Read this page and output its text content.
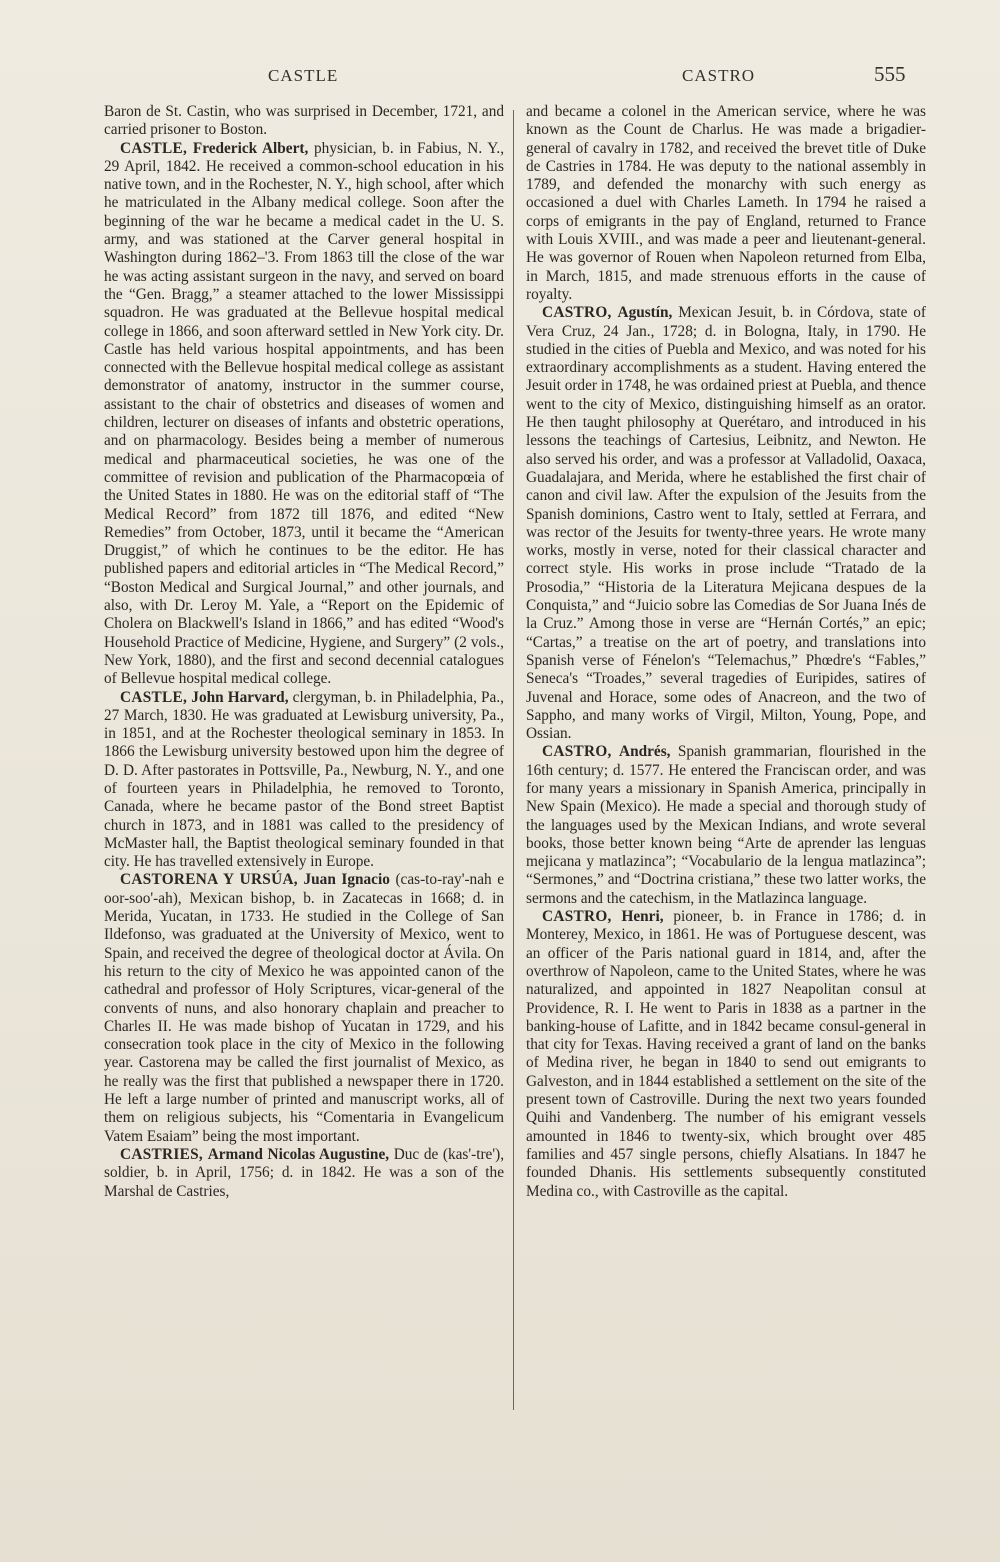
CASTLE	CASTRO	555

Baron de St. Castin, who was surprised in December, 1721, and carried prisoner to Boston.

CASTLE, Frederick Albert, physician, b. in Fabius, N. Y., 29 April, 1842. He received a common-school education in his native town, and in the Rochester, N. Y., high school, after which he matriculated in the Albany medical college. Soon after the beginning of the war he became a medical cadet in the U. S. army, and was stationed at the Carver general hospital in Washington during 1862–'3. From 1863 till the close of the war he was acting assistant surgeon in the navy, and served on board the “Gen. Bragg,” a steamer attached to the lower Mississippi squadron. He was graduated at the Bellevue hospital medical college in 1866, and soon afterward settled in New York city. Dr. Castle has held various hospital appointments, and has been connected with the Bellevue hospital medical college as assistant demonstrator of anatomy, instructor in the summer course, assistant to the chair of obstetrics and diseases of women and children, lecturer on diseases of infants and obstetric operations, and on pharmacology. Besides being a member of numerous medical and pharmaceutical societies, he was one of the committee of revision and publication of the Pharmacopœia of the United States in 1880. He was on the editorial staff of “The Medical Record” from 1872 till 1876, and edited “New Remedies” from October, 1873, until it became the “American Druggist,” of which he continues to be the editor. He has published papers and editorial articles in “The Medical Record,” “Boston Medical and Surgical Journal,” and other journals, and also, with Dr. Leroy M. Yale, a “Report on the Epidemic of Cholera on Blackwell's Island in 1866,” and has edited “Wood's Household Practice of Medicine, Hygiene, and Surgery” (2 vols., New York, 1880), and the first and second decennial catalogues of Bellevue hospital medical college.

CASTLE, John Harvard, clergyman, b. in Philadelphia, Pa., 27 March, 1830. He was graduated at Lewisburg university, Pa., in 1851, and at the Rochester theological seminary in 1853. In 1866 the Lewisburg university bestowed upon him the degree of D. D. After pastorates in Pottsville, Pa., Newburg, N. Y., and one of fourteen years in Philadelphia, he removed to Toronto, Canada, where he became pastor of the Bond street Baptist church in 1873, and in 1881 was called to the presidency of McMaster hall, the Baptist theological seminary founded in that city. He has travelled extensively in Europe.

CASTORENA Y URSÚA, Juan Ignacio (cas-to-ray'-nah e oor-soo'-ah), Mexican bishop, b. in Zacatecas in 1668; d. in Merida, Yucatan, in 1733. He studied in the College of San Ildefonso, was graduated at the University of Mexico, went to Spain, and received the degree of theological doctor at Ávila. On his return to the city of Mexico he was appointed canon of the cathedral and professor of Holy Scriptures, vicar-general of the convents of nuns, and also honorary chaplain and preacher to Charles II. He was made bishop of Yucatan in 1729, and his consecration took place in the city of Mexico in the following year. Castorena may be called the first journalist of Mexico, as he really was the first that published a newspaper there in 1720. He left a large number of printed and manuscript works, all of them on religious subjects, his “Comentaria in Evangelicum Vatem Esaiam” being the most important.

CASTRIES, Armand Nicolas Augustine, Duc de (kas'-tre'), soldier, b. in April, 1756; d. in 1842. He was a son of the Marshal de Castries,

and became a colonel in the American service, where he was known as the Count de Charlus. He was made a brigadier-general of cavalry in 1782, and received the brevet title of Duke de Castries in 1784. He was deputy to the national assembly in 1789, and defended the monarchy with such energy as occasioned a duel with Charles Lameth. In 1794 he raised a corps of emigrants in the pay of England, returned to France with Louis XVIII., and was made a peer and lieutenant-general. He was governor of Rouen when Napoleon returned from Elba, in March, 1815, and made strenuous efforts in the cause of royalty.

CASTRO, Agustín, Mexican Jesuit, b. in Córdova, state of Vera Cruz, 24 Jan., 1728; d. in Bologna, Italy, in 1790. He studied in the cities of Puebla and Mexico, and was noted for his extraordinary accomplishments as a student. Having entered the Jesuit order in 1748, he was ordained priest at Puebla, and thence went to the city of Mexico, distinguishing himself as an orator. He then taught philosophy at Querétaro, and introduced in his lessons the teachings of Cartesius, Leibnitz, and Newton. He also served his order, and was a professor at Valladolid, Oaxaca, Guadalajara, and Merida, where he established the first chair of canon and civil law. After the expulsion of the Jesuits from the Spanish dominions, Castro went to Italy, settled at Ferrara, and was rector of the Jesuits for twenty-three years. He wrote many works, mostly in verse, noted for their classical character and correct style. His works in prose include “Tratado de la Prosodia,” “Historia de la Literatura Mejicana despues de la Conquista,” and “Juicio sobre las Comedias de Sor Juana Inés de la Cruz.” Among those in verse are “Hernán Cortés,” an epic; “Cartas,” a treatise on the art of poetry, and translations into Spanish verse of Fénelon's “Telemachus,” Phœdre's “Fables,” Seneca's “Troades,” several tragedies of Euripides, satires of Juvenal and Horace, some odes of Anacreon, and the two of Sappho, and many works of Virgil, Milton, Young, Pope, and Ossian.

CASTRO, Andrés, Spanish grammarian, flourished in the 16th century; d. 1577. He entered the Franciscan order, and was for many years a missionary in Spanish America, principally in New Spain (Mexico). He made a special and thorough study of the languages used by the Mexican Indians, and wrote several books, those better known being “Arte de aprender las lenguas mejicana y matlazinca”; “Vocabulario de la lengua matlazinca”; “Sermones,” and “Doctrina cristiana,” these two latter works, the sermons and the catechism, in the Matlazinca language.

CASTRO, Henri, pioneer, b. in France in 1786; d. in Monterey, Mexico, in 1861. He was of Portuguese descent, was an officer of the Paris national guard in 1814, and, after the overthrow of Napoleon, came to the United States, where he was naturalized, and appointed in 1827 Neapolitan consul at Providence, R. I. He went to Paris in 1838 as a partner in the banking-house of Lafitte, and in 1842 became consul-general in that city for Texas. Having received a grant of land on the banks of Medina river, he began in 1840 to send out emigrants to Galveston, and in 1844 established a settlement on the site of the present town of Castroville. During the next two years founded Quihi and Vandenberg. The number of his emigrant vessels amounted in 1846 to twenty-six, which brought over 485 families and 457 single persons, chiefly Alsatians. In 1847 he founded Dhanis. His settlements subsequently constituted Medina co., with Castroville as the capital.
